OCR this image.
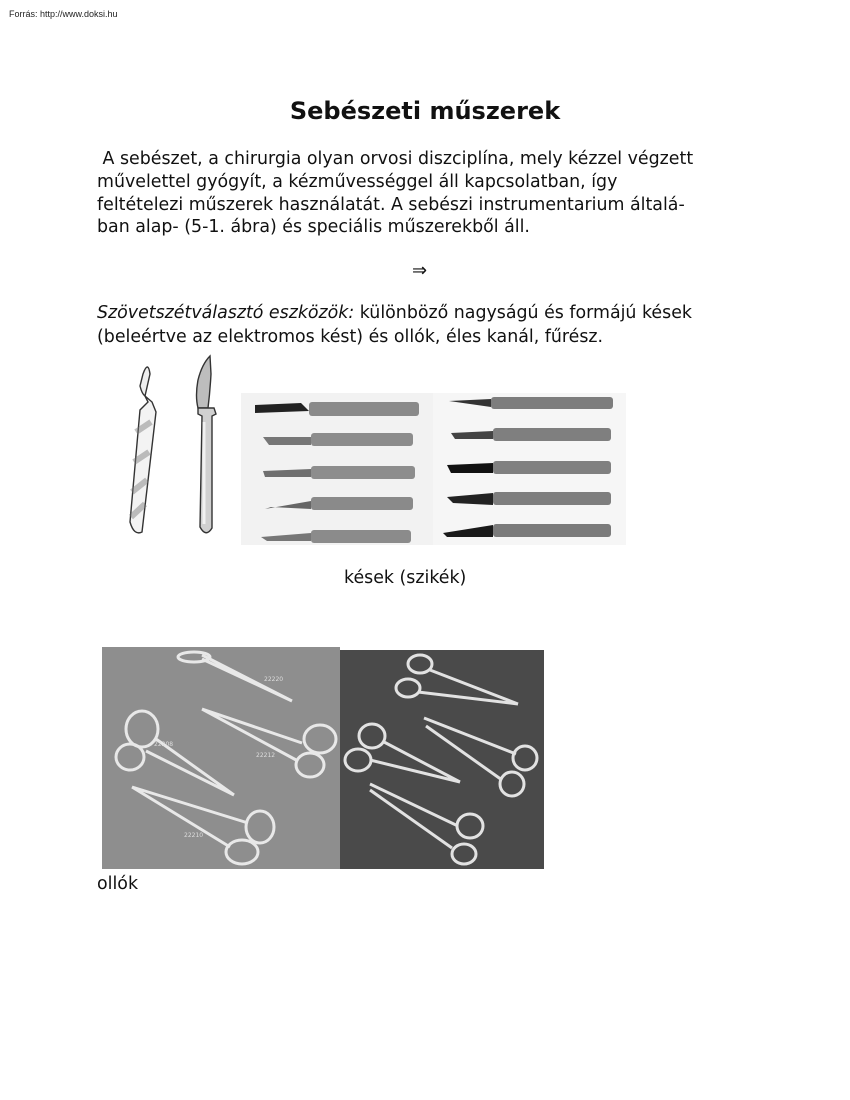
Forrás: http://www.doksi.hu
Sebészeti műszerek
A sebészet, a chirurgia olyan orvosi diszciplína, mely kézzel végzett
művelettel gyógyít, a kézművességgel áll kapcsolatban, így
feltételezi műszerek használatát. A sebészi instrumentarium általá-
ban alap- (5-1. ábra) és speciális műszerekből áll.
⇒
Szövetszétválasztó eszközök: különböző nagyságú és formájú kések
(beleértve az elektromos kést) és ollók, éles kanál, fűrész.
kések (szikék)
22220
22208
22212
22210
ollók
